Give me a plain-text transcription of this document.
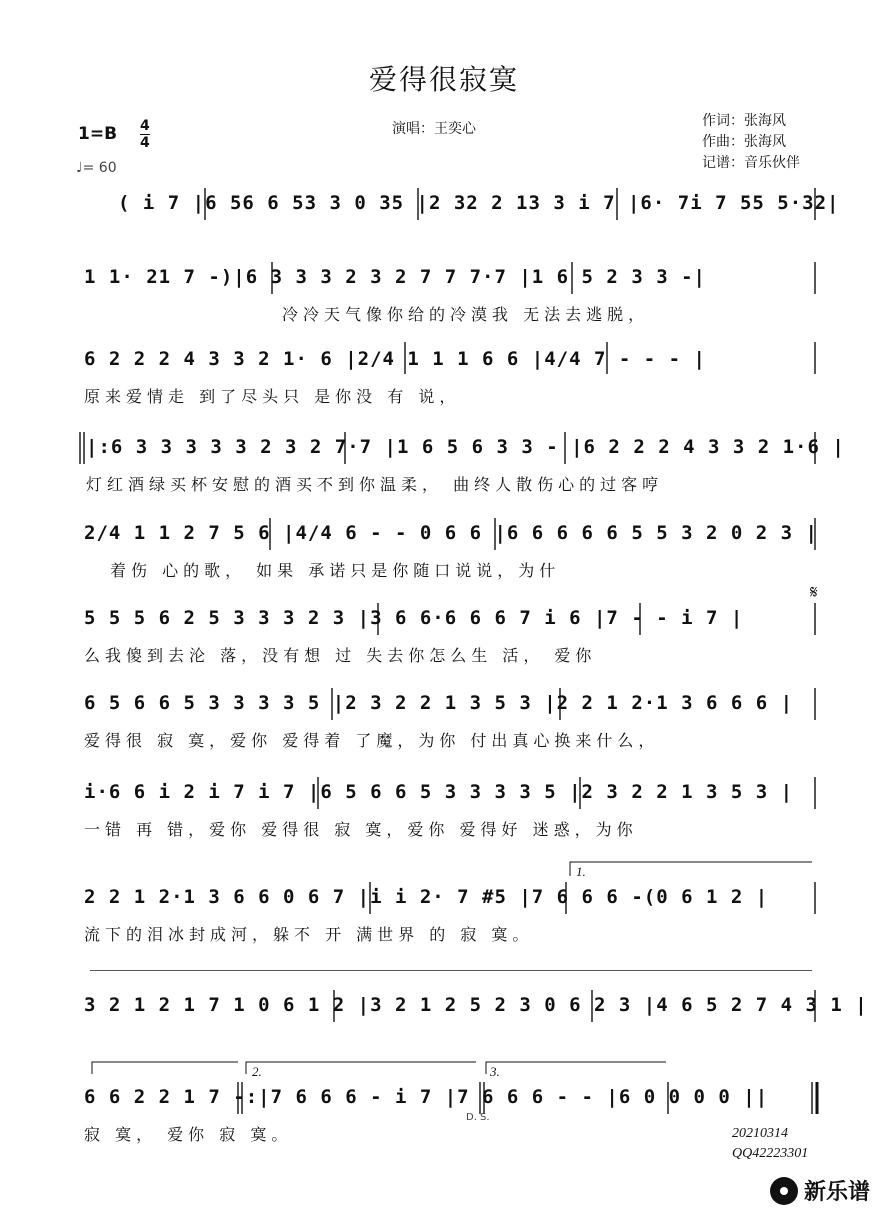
爱得很寂寞
演唱：王奕心	作词：张海风
作曲：张海风
记谱：音乐伙伴
$1=B \frac{4}{4}$
♩= 60
( i 7 |6 56 6 53 3 0 35 |2 32 2 13 3 i 7 |6· 7i 7 55 5·32|
1 1· 21 7 -)|6 3 3 3 2 3 2 7 7 7·7 |1 6 5 2 3 3 -|
冷冷天气像你给的冷漠我 无法去逃脱，
6 2 2 2 4 3 3 2 1· 6 |2/4 1 1 1 6 6 |4/4 7 - - - |
原来爱情走 到了尽头只 是你没 有 说，
|:6 3 3 3 3 3 2 3 2 7·7 |1 6 5 6 3 3 - |6 2 2 2 4 3 3 2 1·6 |
灯红酒绿买杯安慰的酒买不到你温柔， 曲终人散伤心的过客哼
2/4 1 1 2 7 5 6 |4/4 6 - - 0 6 6 |6 6 6 6 6 5 5 3 2 0 2 3 |
着伤 心的歌， 如果 承诺只是你随口说说，为什
5 5 5 6 2 5 3 3 3 2 3 |3 6 6·6 6 6 7 i 6 |7 - - i 7 |
么我傻到去沦 落，没有想 过 失去你怎么生 活， 爱你
𝄋
6 5 6 6 5 3 3 3 3 5 |2 3 2 2 1 3 5 3 |2 2 1 2·1 3 6 6 6 |
爱得很 寂 寞，爱你 爱得着 了魔，为你 付出真心换来什么，
i·6 6 i 2 i 7 i 7 |6 5 6 6 5 3 3 3 3 5 |2 3 2 2 1 3 5 3 |
一错 再 错，爱你 爱得很 寂 寞，爱你 爱得好 迷惑，为你
1.
2 2 1 2·1 3 6 6 0 6 7 |i i 2· 7 #5 |7 6 6 6 -(0 6 1 2 |
流下的泪冰封成河，躲不 开 满世界 的 寂 寞。
3 2 1 2 1 7 1 0 6 1 2 |3 2 1 2 5 2 3 0 6 2 3 |4 6 5 2 7 4 3 1 |
2.	3.
6 6 2 2 1 7 -:|7 6 6 6 - i 7 |7 6 6 6 - - |6 0 0 0 0 ||
寂 寞， 爱你 寂 寞。
D. S.
20210314
QQ42223301
新乐谱
